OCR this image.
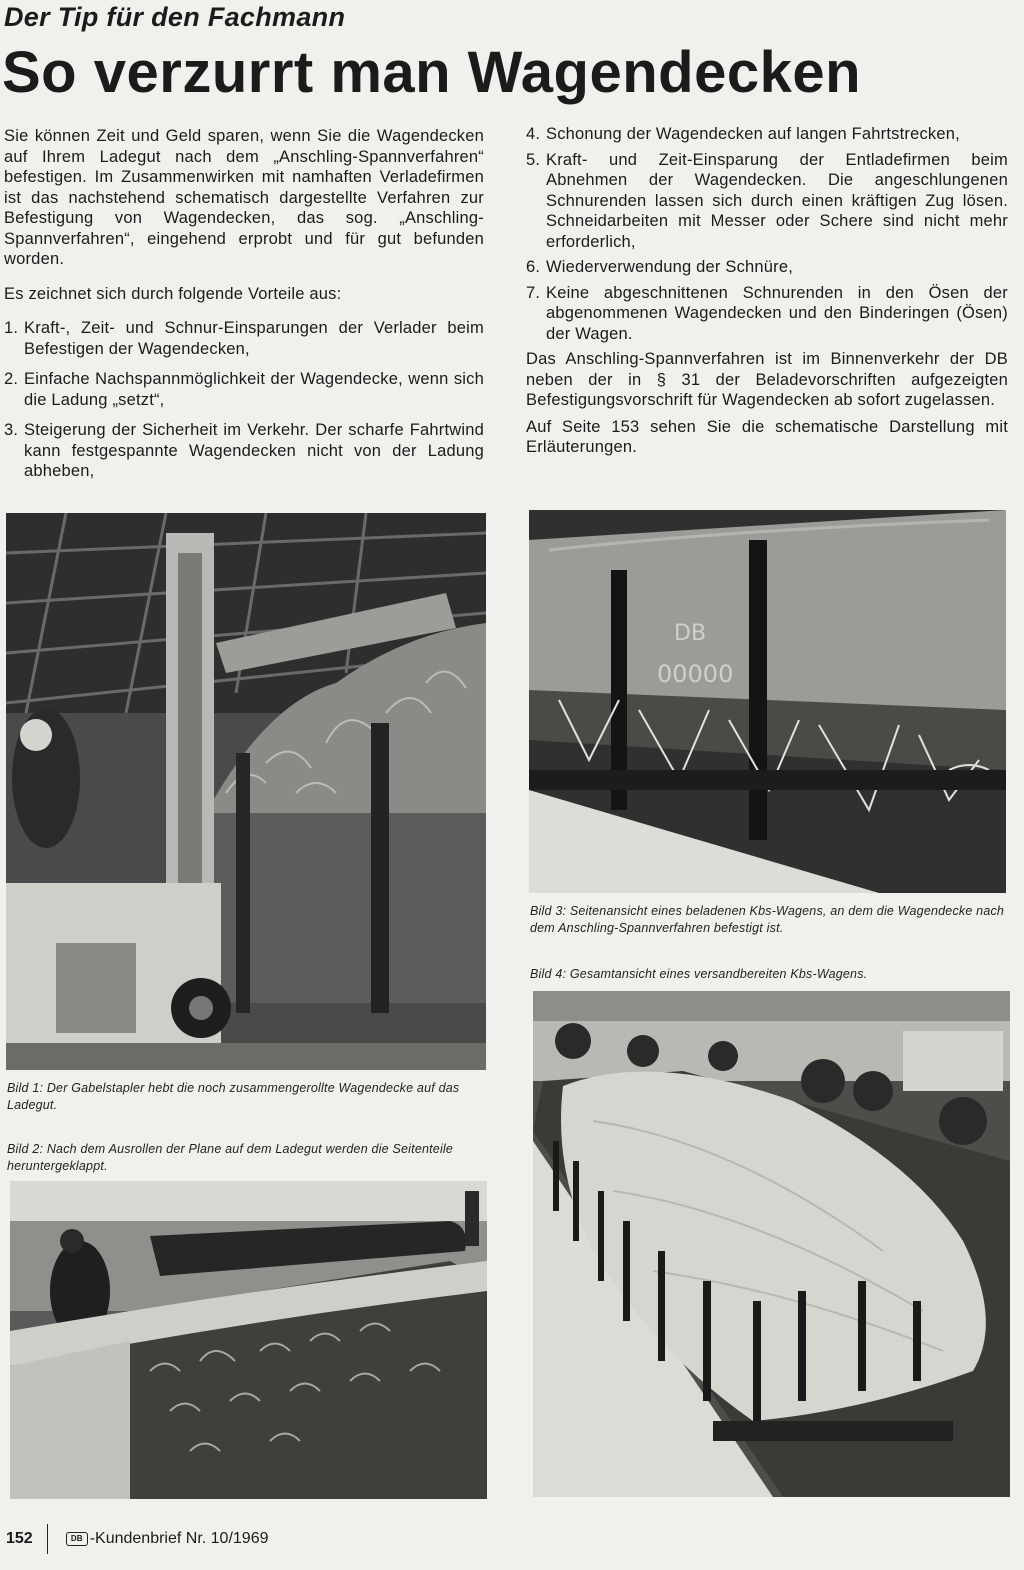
Der Tip für den Fachmann
So verzurrt man Wagendecken
Sie können Zeit und Geld sparen, wenn Sie die Wagendecken auf Ihrem Ladegut nach dem „Anschling-Spannverfahren“ befestigen. Im Zusammenwirken mit namhaften Verladefirmen ist das nachstehend schematisch dargestellte Verfahren zur Befestigung von Wagendecken, das sog. „Anschling-Spannverfahren“, eingehend erprobt und für gut befunden worden.
Es zeichnet sich durch folgende Vorteile aus:
1. Kraft-, Zeit- und Schnur-Einsparungen der Verlader beim Befestigen der Wagendecken,
2. Einfache Nachspannmöglichkeit der Wagendecke, wenn sich die Ladung „setzt“,
3. Steigerung der Sicherheit im Verkehr. Der scharfe Fahrtwind kann festgespannte Wagendecken nicht von der Ladung abheben,
4. Schonung der Wagendecken auf langen Fahrtstrecken,
5. Kraft- und Zeit-Einsparung der Entladefirmen beim Abnehmen der Wagendecken. Die angeschlungenen Schnurenden lassen sich durch einen kräftigen Zug lösen. Schneidarbeiten mit Messer oder Schere sind nicht mehr erforderlich,
6. Wiederverwendung der Schnüre,
7. Keine abgeschnittenen Schnurenden in den Ösen der abgenommenen Wagendecken und den Binderingen (Ösen) der Wagen.
Das Anschling-Spannverfahren ist im Binnenverkehr der DB neben der in § 31 der Beladevorschriften aufgezeigten Befestigungsvorschrift für Wagendecken ab sofort zugelassen.
Auf Seite 153 sehen Sie die schematische Darstellung mit Erläuterungen.
Bild 1: Der Gabelstapler hebt die noch zusammengerollte Wagendecke auf das Ladegut.
Bild 2: Nach dem Ausrollen der Plane auf dem Ladegut werden die Seitenteile heruntergeklappt.
DB
00000
Bild 3: Seitenansicht eines beladenen Kbs-Wagens, an dem die Wagendecke nach dem Anschling-Spannverfahren befestigt ist.
Bild 4: Gesamtansicht eines versandbereiten Kbs-Wagens.
152	DB -Kundenbrief Nr. 10/1969
